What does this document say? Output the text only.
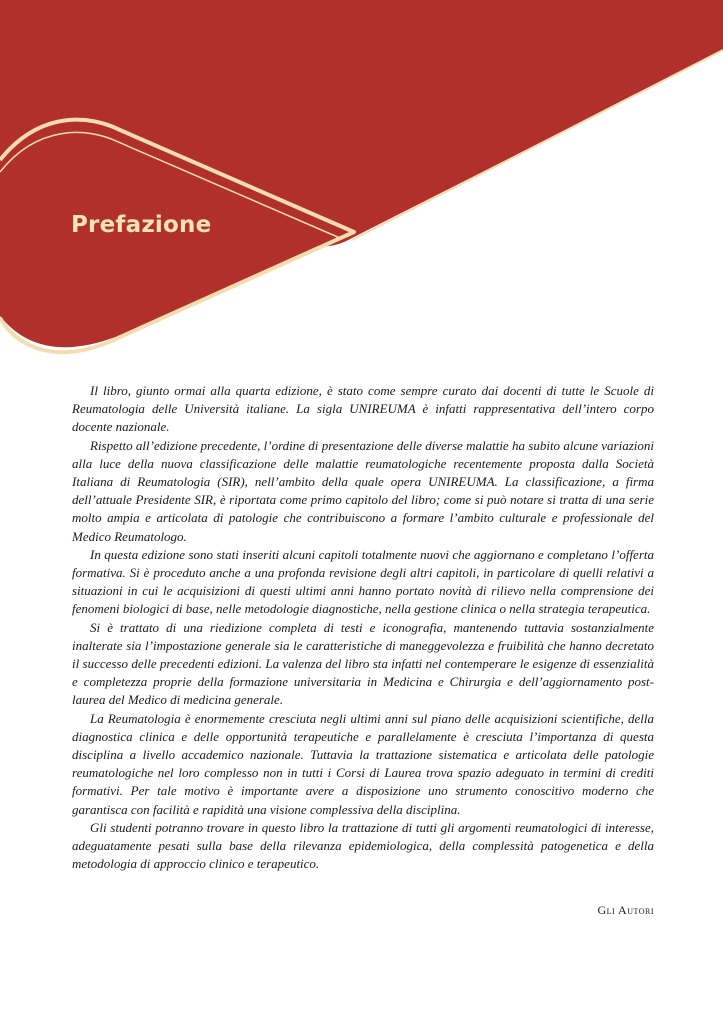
Prefazione

Il libro, giunto ormai alla quarta edizione, è stato come sempre curato dai docenti di tutte le Scuole di Reumatologia delle Università italiane. La sigla UNIREUMA è infatti rappresentativa dell’intero corpo docente nazionale.

Rispetto all’edizione precedente, l’ordine di presentazione delle diverse malattie ha subito alcune variazioni alla luce della nuova classificazione delle malattie reumatologiche recentemente proposta dalla Società Italiana di Reumatologia (SIR), nell’ambito della quale opera UNIREUMA. La classificazione, a firma dell’attuale Presidente SIR, è riportata come primo capitolo del libro; come si può notare si tratta di una serie molto ampia e articolata di patologie che contribuiscono a formare l’ambito culturale e professionale del Medico Reumatologo.

In questa edizione sono stati inseriti alcuni capitoli totalmente nuovi che aggiornano e completano l’offerta formativa. Si è proceduto anche a una profonda revisione degli altri capitoli, in particolare di quelli relativi a situazioni in cui le acquisizioni di questi ultimi anni hanno portato novità di rilievo nella comprensione dei fenomeni biologici di base, nelle metodologie diagnostiche, nella gestione clinica o nella strategia terapeutica.

Si è trattato di una riedizione completa di testi e iconografia, mantenendo tuttavia sostanzialmente inalterate sia l’impostazione generale sia le caratteristiche di maneggevolezza e fruibilità che hanno decretato il successo delle precedenti edizioni. La valenza del libro sta infatti nel contemperare le esigenze di essenzialità e completezza proprie della formazione universitaria in Medicina e Chirurgia e dell’aggiornamento post-laurea del Medico di medicina generale.

La Reumatologia è enormemente cresciuta negli ultimi anni sul piano delle acquisizioni scientifiche, della diagnostica clinica e delle opportunità terapeutiche e parallelamente è cresciuta l’importanza di questa disciplina a livello accademico nazionale. Tuttavia la trattazione sistematica e articolata delle patologie reumatologiche nel loro complesso non in tutti i Corsi di Laurea trova spazio adeguato in termini di crediti formativi. Per tale motivo è importante avere a disposizione uno strumento conoscitivo moderno che garantisca con facilità e rapidità una visione complessiva della disciplina.

Gli studenti potranno trovare in questo libro la trattazione di tutti gli argomenti reumatologici di interesse, adeguatamente pesati sulla base della rilevanza epidemiologica, della complessità patogenetica e della metodologia di approccio clinico e terapeutico.

Gli Autori
